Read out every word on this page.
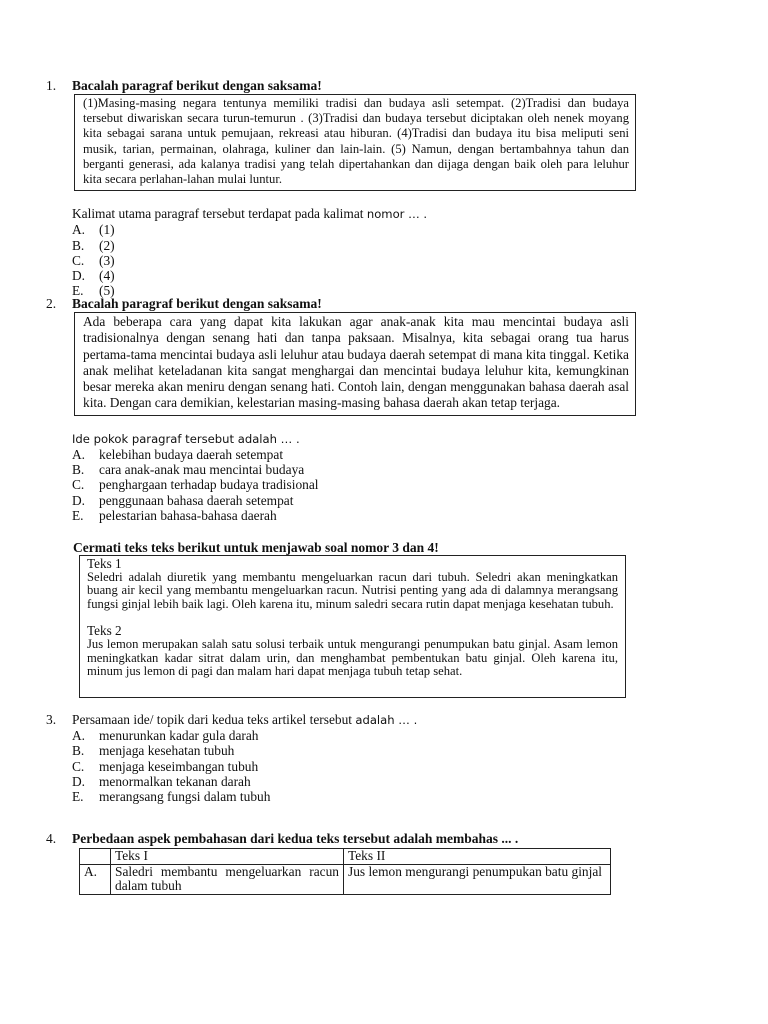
1. Bacalah paragraf berikut dengan saksama!
(1)Masing-masing negara tentunya memiliki tradisi dan budaya asli setempat. (2)Tradisi dan budaya tersebut diwariskan secara turun-temurun . (3)Tradisi dan budaya tersebut diciptakan oleh nenek moyang kita sebagai sarana untuk pemujaan, rekreasi atau hiburan. (4)Tradisi dan budaya itu bisa meliputi seni musik, tarian, permainan, olahraga, kuliner dan lain-lain. (5) Namun, dengan bertambahnya tahun dan berganti generasi, ada kalanya tradisi yang telah dipertahankan dan dijaga dengan baik oleh para leluhur kita secara perlahan-lahan mulai luntur.
Kalimat utama paragraf tersebut terdapat pada kalimat nomor … .
A.	(1)
B.	(2)
C.	(3)
D.	(4)
E.	(5)
2. Bacalah paragraf berikut dengan saksama!
Ada beberapa cara yang dapat kita lakukan agar anak-anak kita mau mencintai budaya asli tradisionalnya dengan senang hati dan tanpa paksaan. Misalnya, kita sebagai orang tua harus pertama-tama mencintai budaya asli leluhur atau budaya daerah setempat di mana kita tinggal. Ketika anak melihat keteladanan kita sangat menghargai dan mencintai budaya leluhur kita, kemungkinan besar mereka akan meniru dengan senang hati. Contoh lain, dengan menggunakan bahasa daerah asal kita. Dengan cara demikian, kelestarian masing-masing bahasa daerah akan tetap terjaga.
Ide pokok paragraf tersebut adalah … .
A.	kelebihan budaya daerah setempat
B.	cara anak-anak mau mencintai budaya
C.	penghargaan terhadap budaya tradisional
D.	penggunaan bahasa daerah setempat
E.	pelestarian bahasa-bahasa daerah
Cermati teks teks berikut untuk menjawab soal nomor 3 dan 4!
Teks 1
Seledri adalah diuretik yang membantu mengeluarkan racun dari tubuh. Seledri akan meningkatkan buang air kecil yang membantu mengeluarkan racun. Nutrisi penting yang ada di dalamnya merangsang fungsi ginjal lebih baik lagi. Oleh karena itu, minum saledri secara rutin dapat menjaga kesehatan tubuh.
Teks 2
Jus lemon merupakan salah satu solusi terbaik untuk mengurangi penumpukan batu ginjal. Asam lemon meningkatkan kadar sitrat dalam urin, dan menghambat pembentukan batu ginjal. Oleh karena itu, minum jus lemon di pagi dan malam hari dapat menjaga tubuh tetap sehat.
3. Persamaan ide/ topik dari kedua teks artikel tersebut adalah … .
A.	menurunkan kadar gula darah
B.	menjaga kesehatan tubuh
C.	menjaga keseimbangan tubuh
D.	menormalkan tekanan darah
E.	merangsang fungsi dalam tubuh
4. Perbedaan aspek pembahasan dari kedua teks tersebut adalah membahas ... .
	Teks I	Teks II
A.	Saledri membantu mengeluarkan racun dalam tubuh	Jus lemon mengurangi penumpukan batu ginjal
